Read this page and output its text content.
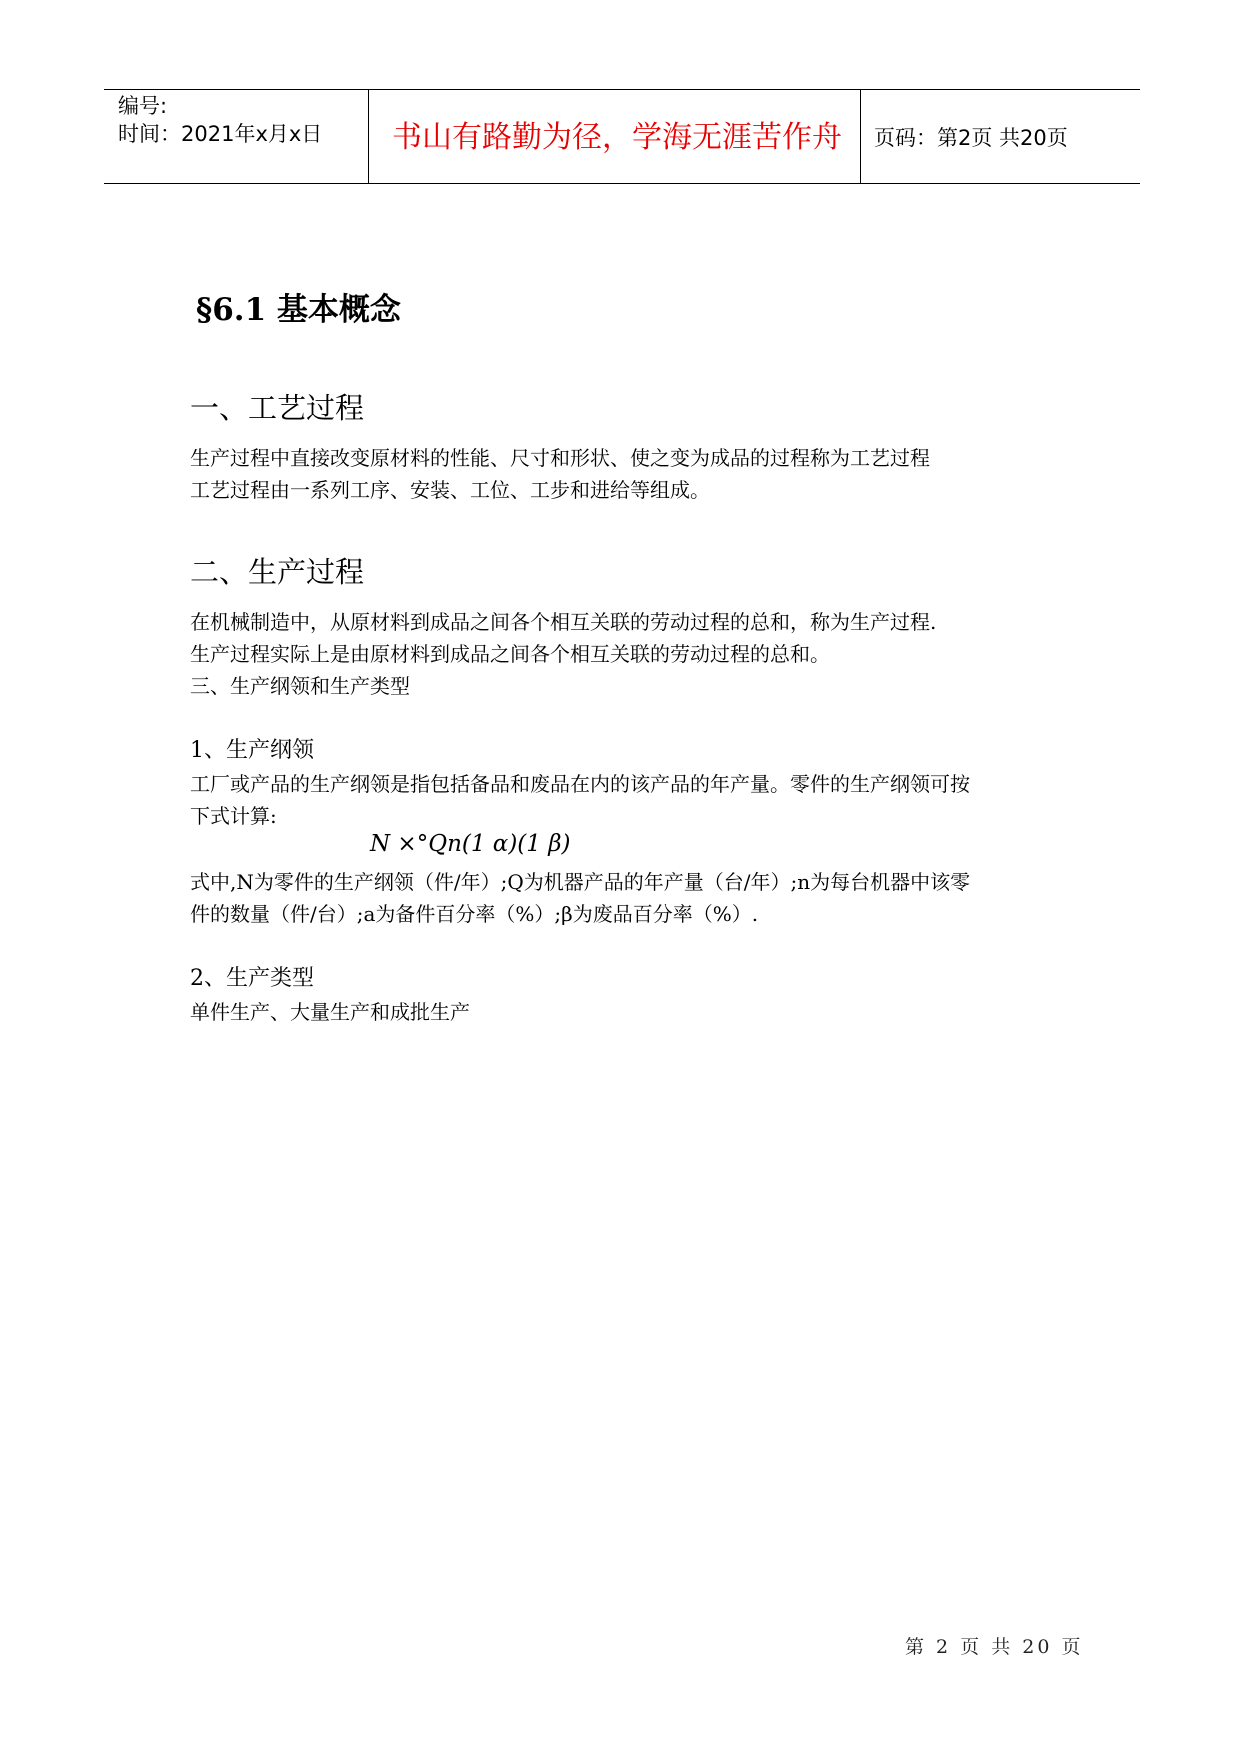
编号:
时间：2021年x月x日 书山有路勤为径，学海无涯苦作舟 页码：第2页 共20页
§6.1 基本概念
一、工艺过程
生产过程中直接改变原材料的性能、尺寸和形状、使之变为成品的过程称为工艺过程
工艺过程由一系列工序、安装、工位、工步和进给等组成。
二、生产过程
在机械制造中，从原材料到成品之间各个相互关联的劳动过程的总和，称为生产过程.
生产过程实际上是由原材料到成品之间各个相互关联的劳动过程的总和。
三、生产纲领和生产类型
1、生产纲领
工厂或产品的生产纲领是指包括备品和废品在内的该产品的年产量。零件的生产纲领可按
下式计算:
N ×°Qn(1 α)(1 β)
式中,N为零件的生产纲领（件/年）;Q为机器产品的年产量（台/年）;n为每台机器中该零
件的数量（件/台）;a为备件百分率（%）;β为废品百分率（%）.
2、生产类型
单件生产、大量生产和成批生产
第 2 页 共 20 页
